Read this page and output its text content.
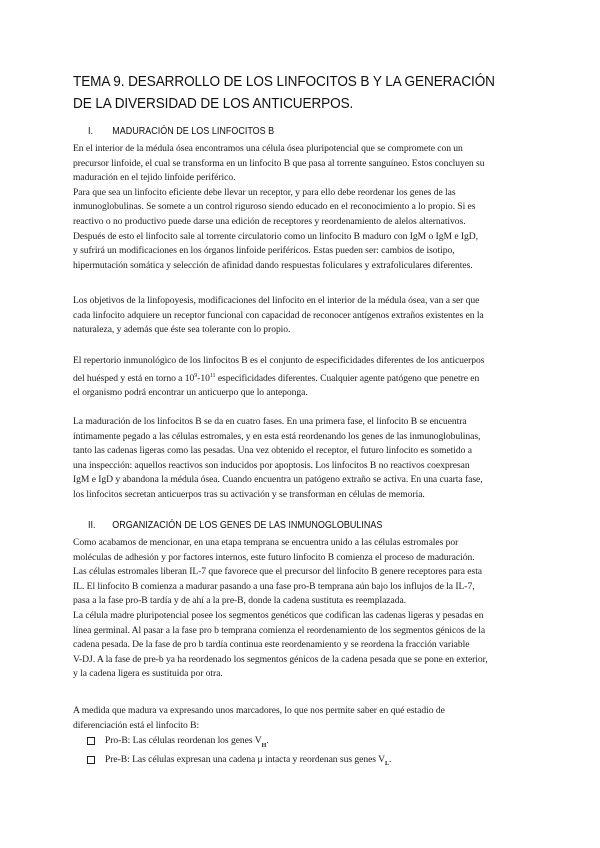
TEMA 9. DESARROLLO DE LOS LINFOCITOS B Y LA GENERACIÓN DE LA DIVERSIDAD DE LOS ANTICUERPOS.
I. MADURACIÓN DE LOS LINFOCITOS B
En el interior de la médula ósea encontramos una célula ósea pluripotencial que se compromete con un
precursor linfoide, el cual se transforma en un linfocito B que pasa al torrente sanguíneo. Estos concluyen su
maduración en el tejido linfoide periférico.
Para que sea un linfocito eficiente debe llevar un receptor, y para ello debe reordenar los genes de las
inmunoglobulinas. Se somete a un control riguroso siendo educado en el reconocimiento a lo propio. Si es
reactivo o no productivo puede darse una edición de receptores y reordenamiento de alelos alternativos.
Después de esto el linfocito sale al torrente circulatorio como un linfocito B maduro con IgM o IgM e IgD,
y sufrirá un modificaciones en los órganos linfoide periféricos. Estas pueden ser: cambios de isotipo,
hipermutación somática y selección de afinidad dando respuestas foliculares y extrafoliculares diferentes.
Los objetivos de la linfopoyesis, modificaciones del linfocito en el interior de la médula ósea, van a ser que
cada linfocito adquiere un receptor funcional con capacidad de reconocer antígenos extraños existentes en la
naturaleza, y además que éste sea tolerante con lo propio.
El repertorio inmunológico de los linfocitos B es el conjunto de especificidades diferentes de los anticuerpos
del huésped y está en torno a $10^9-10^{11}$ especificidades diferentes. Cualquier agente patógeno que penetre en
el organismo podrá encontrar un anticuerpo que lo anteponga.
La maduración de los linfocitos B se da en cuatro fases. En una primera fase, el linfocito B se encuentra
íntimamente pegado a las células estromales, y en esta está reordenando los genes de las inmunoglobulinas,
tanto las cadenas ligeras como las pesadas. Una vez obtenido el receptor, el futuro linfocito es sometido a
una inspección: aquellos reactivos son inducidos por apoptosis. Los linfocitos B no reactivos coexpresan
IgM e IgD y abandona la médula ósea. Cuando encuentra un patógeno extraño se activa. En una cuarta fase,
los linfocitos secretan anticuerpos tras su activación y se transforman en células de memoria.
II. ORGANIZACIÓN DE LOS GENES DE LAS INMUNOGLOBULINAS
Como acabamos de mencionar, en una etapa temprana se encuentra unido a las células estromales por
moléculas de adhesión y por factores internos, este futuro linfocito B comienza el proceso de maduración.
Las células estromales liberan IL-7 que favorece que el precursor del linfocito B genere receptores para esta
IL. El linfocito B comienza a madurar pasando a una fase pro-B temprana aún bajo los influjos de la IL-7,
pasa a la fase pro-B tardía y de ahí a la pre-B, donde la cadena sustituta es reemplazada.
La célula madre pluripotencial posee los segmentos genéticos que codifican las cadenas ligeras y pesadas en
línea germinal. Al pasar a la fase pro b temprana comienza el reordenamiento de los segmentos génicos de la
cadena pesada. De la fase de pro b tardía continua este reordenamiento y se reordena la fracción variable
V-DJ. A la fase de pre-b ya ha reordenado los segmentos génicos de la cadena pesada que se pone en exterior,
y la cadena ligera es sustituida por otra.
A medida que madura va expresando unos marcadores, lo que nos permite saber en qué estadio de
diferenciación está el linfocito B:
Pro-B: Las células reordenan los genes $V_H$.
Pre-B: Las células expresan una cadena μ intacta y reordenan sus genes $V_L$.
